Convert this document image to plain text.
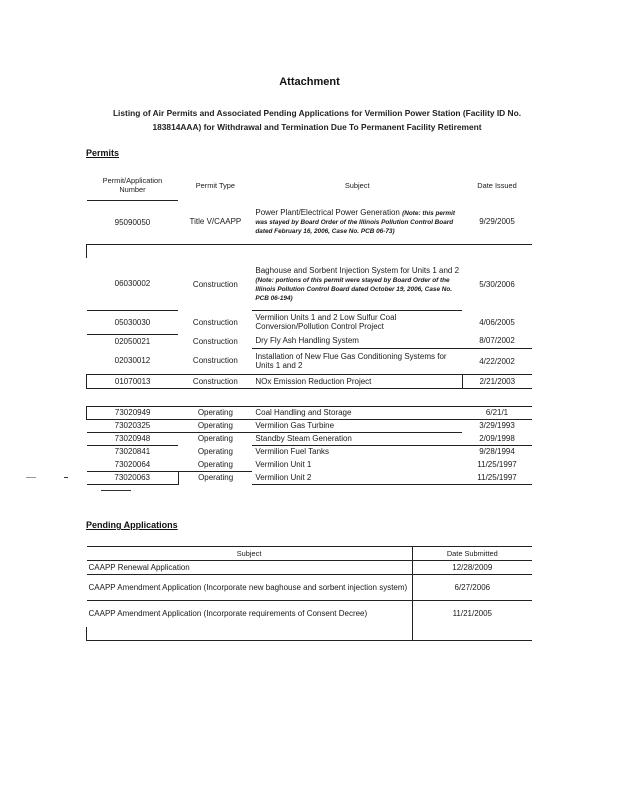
Attachment
Listing of Air Permits and Associated Pending Applications for Vermilion Power Station (Facility ID No.
183814AAA) for Withdrawal and Termination Due To Permanent Facility Retirement
Permits
Permit/Application Number	Permit Type	Subject	Date Issued
95090050	Title V/CAAPP	Power Plant/Electrical Power Generation (Note: this permit was stayed by Board Order of the Illinois Pollution Control Board dated February 16, 2006, Case No. PCB 06-73)	9/29/2005

06030002	Construction	Baghouse and Sorbent Injection System for Units 1 and 2 (Note: portions of this permit were stayed by Board Order of the Illinois Pollution Control Board dated October 19, 2006, Case No. PCB 06-194)	5/30/2006
05030030	Construction	Vermilion Units 1 and 2 Low Sulfur Coal Conversion/Pollution Control Project	4/06/2005
02050021	Construction	Dry Fly Ash Handling System	8/07/2002
02030012	Construction	Installation of New Flue Gas Conditioning Systems for Units 1 and 2	4/22/2002
01070013	Construction	NOx Emission Reduction Project	2/21/2003

73020949	Operating	Coal Handling and Storage	6/21/1
73020325	Operating	Vermilion Gas Turbine	3/29/1993
73020948	Operating	Standby Steam Generation	2/09/1998
73020841	Operating	Vermilion Fuel Tanks	9/28/1994
73020064	Operating	Vermilion Unit 1	11/25/1997
73020063	Operating	Vermilion Unit 2	11/25/1997
Pending Applications
Subject	Date Submitted
CAAPP Renewal Application	12/28/2009
CAAPP Amendment Application (Incorporate new baghouse and sorbent injection system)	6/27/2006
CAAPP Amendment Application (Incorporate requirements of Consent Decree)	11/21/2005
